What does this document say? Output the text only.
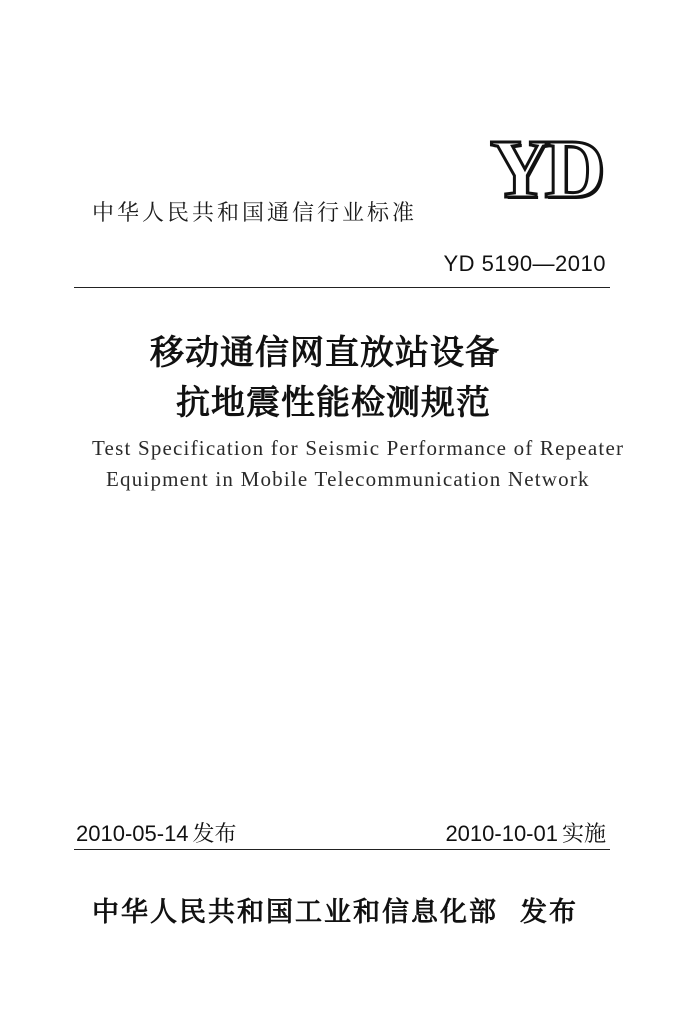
YD
中华人民共和国通信行业标准
YD 5190—2010
移动通信网直放站设备
抗地震性能检测规范
Test Specification for Seismic Performance of Repeater
Equipment in Mobile Telecommunication Network
2010-05-14 发布	2010-10-01 实施
中华人民共和国工业和信息化部 发布
